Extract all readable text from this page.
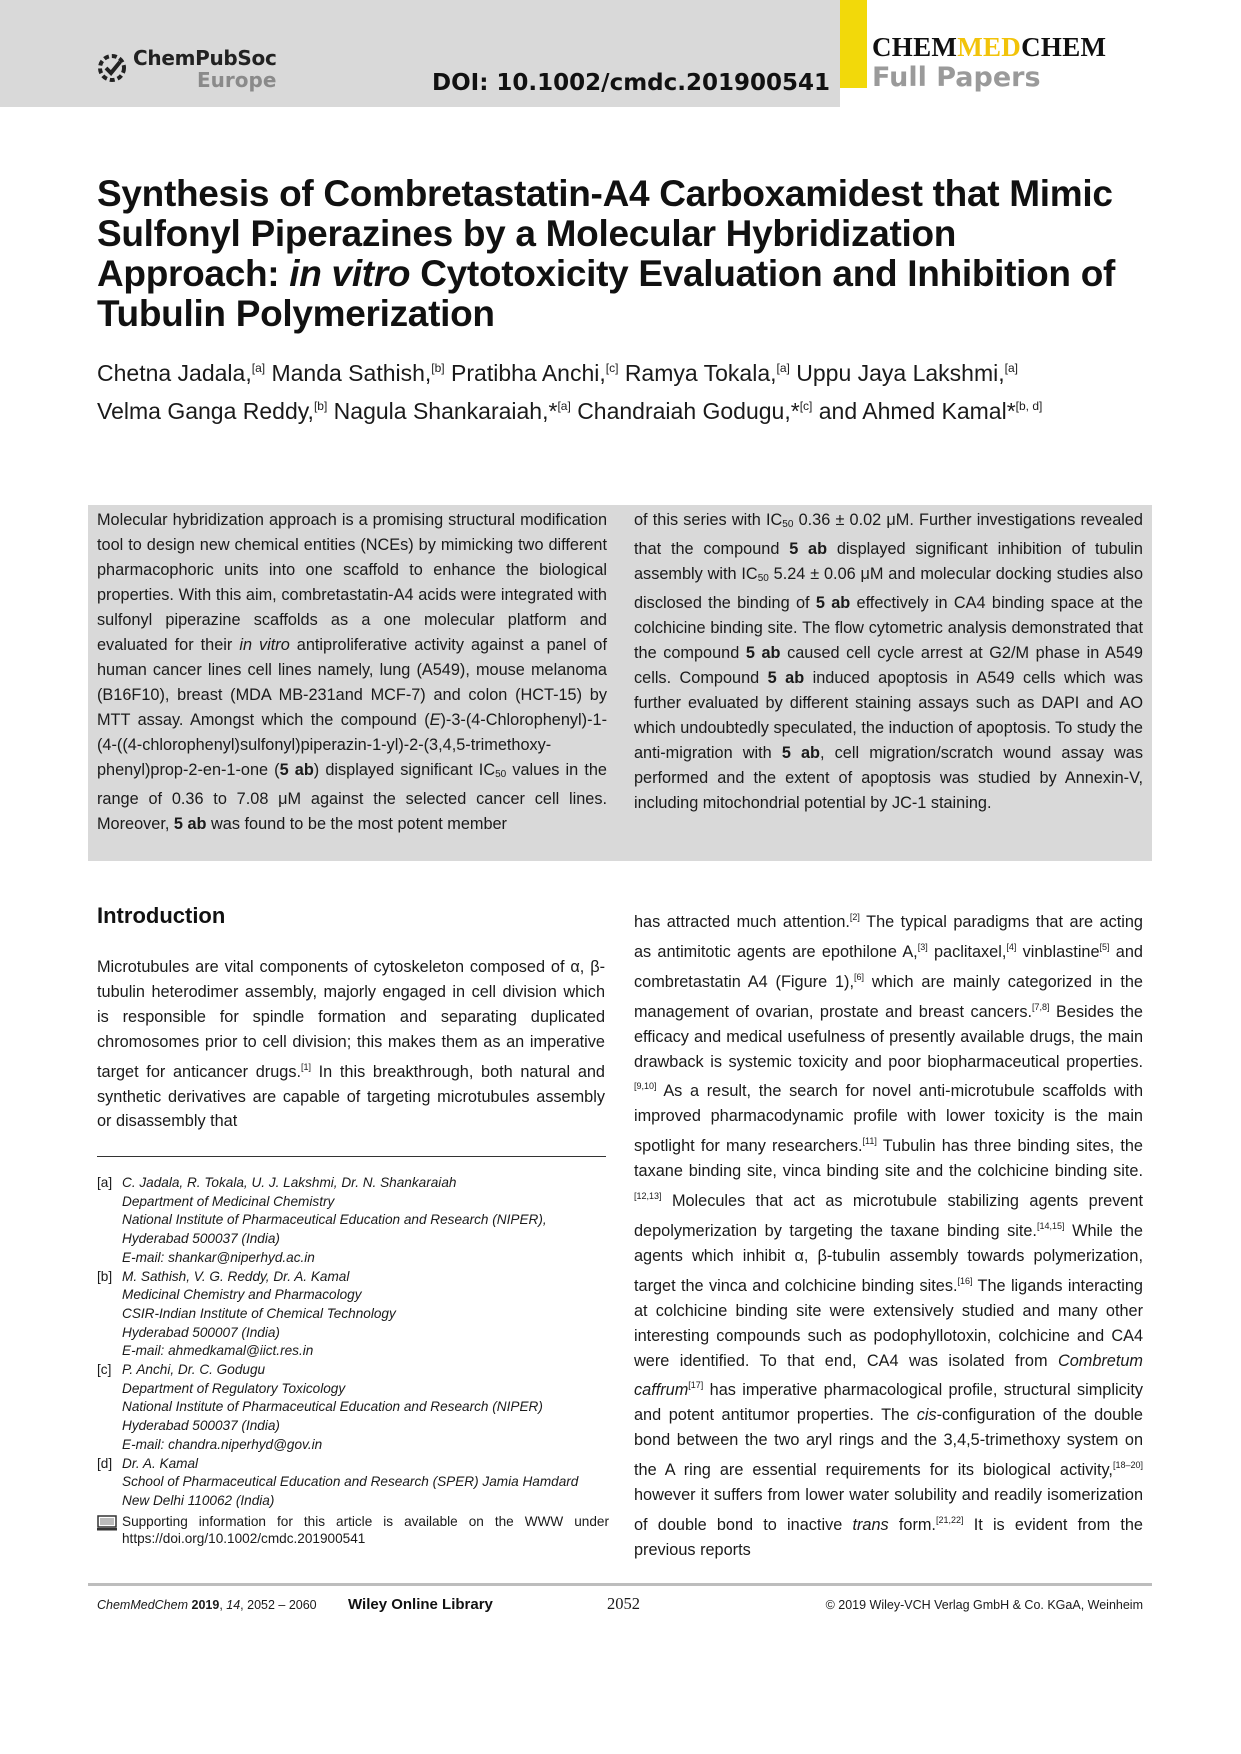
ChemPubSoc
Europe	DOI: 10.1002/cmdc.201900541
CHEMMEDCHEM
Full Papers
Synthesis of Combretastatin-A4 Carboxamidest that Mimic
Sulfonyl Piperazines by a Molecular Hybridization
Approach: in vitro Cytotoxicity Evaluation and Inhibition of
Tubulin Polymerization
Chetna Jadala,[a] Manda Sathish,[b] Pratibha Anchi,[c] Ramya Tokala,[a] Uppu Jaya Lakshmi,[a]
Velma Ganga Reddy,[b] Nagula Shankaraiah,*[a] Chandraiah Godugu,*[c] and Ahmed Kamal*[b, d]
Molecular hybridization approach is a promising structural modification tool to design new chemical entities (NCEs) by mimicking two different pharmacophoric units into one scaffold to enhance the biological properties. With this aim, combretastatin-A4 acids were integrated with sulfonyl piperazine scaffolds as a one molecular platform and evaluated for their in vitro antiproliferative activity against a panel of human cancer lines cell lines namely, lung (A549), mouse melanoma (B16F10), breast (MDA MB-231and MCF-7) and colon (HCT-15) by MTT assay. Amongst which the compound (E)-3-(4-Chlorophenyl)-1-(4-((4-chlorophenyl)sulfonyl)piperazin-1-yl)-2-(3,4,5-trimethoxyphenyl)prop-2-en-1-one (5 ab) displayed significant $IC_{50}$ values in the range of 0.36 to 7.08 μM against the selected cancer cell lines. Moreover, 5 ab was found to be the most potent member
of this series with $IC_{50}$ 0.36 ± 0.02 μM. Further investigations revealed that the compound 5 ab displayed significant inhibition of tubulin assembly with $IC_{50}$ 5.24 ± 0.06 μM and molecular docking studies also disclosed the binding of 5 ab effectively in CA4 binding space at the colchicine binding site. The flow cytometric analysis demonstrated that the compound 5 ab caused cell cycle arrest at G2/M phase in A549 cells. Compound 5 ab induced apoptosis in A549 cells which was further evaluated by different staining assays such as DAPI and AO which undoubtedly speculated, the induction of apoptosis. To study the anti-migration with 5 ab, cell migration/scratch wound assay was performed and the extent of apoptosis was studied by Annexin-V, including mitochondrial potential by JC-1 staining.
Introduction
Microtubules are vital components of cytoskeleton composed of α, β-tubulin heterodimer assembly, majorly engaged in cell division which is responsible for spindle formation and separating duplicated chromosomes prior to cell division; this makes them as an imperative target for anticancer drugs.[1] In this breakthrough, both natural and synthetic derivatives are capable of targeting microtubules assembly or disassembly that
has attracted much attention.[2] The typical paradigms that are acting as antimitotic agents are epothilone A,[3] paclitaxel,[4] vinblastine[5] and combretastatin A4 (Figure 1),[6] which are mainly categorized in the management of ovarian, prostate and breast cancers.[7,8] Besides the efficacy and medical usefulness of presently available drugs, the main drawback is systemic toxicity and poor biopharmaceutical properties.[9,10] As a result, the search for novel anti-microtubule scaffolds with improved pharmacodynamic profile with lower toxicity is the main spotlight for many researchers.[11] Tubulin has three binding sites, the taxane binding site, vinca binding site and the colchicine binding site.[12,13] Molecules that act as microtubule stabilizing agents prevent depolymerization by targeting the taxane binding site.[14,15] While the agents which inhibit α, β-tubulin assembly towards polymerization, target the vinca and colchicine binding sites.[16] The ligands interacting at colchicine binding site were extensively studied and many other interesting compounds such as podophyllotoxin, colchicine and CA4 were identified. To that end, CA4 was isolated from Combretum caffrum[17] has imperative pharmacological profile, structural simplicity and potent antitumor properties. The cis-configuration of the double bond between the two aryl rings and the 3,4,5-trimethoxy system on the A ring are essential requirements for its biological activity,[18–20] however it suffers from lower water solubility and readily isomerization of double bond to inactive trans form.[21,22] It is evident from the previous reports
[a] C. Jadala, R. Tokala, U. J. Lakshmi, Dr. N. Shankaraiah
Department of Medicinal Chemistry
National Institute of Pharmaceutical Education and Research (NIPER),
Hyderabad 500037 (India)
E-mail: shankar@niperhyd.ac.in
[b] M. Sathish, V. G. Reddy, Dr. A. Kamal
Medicinal Chemistry and Pharmacology
CSIR-Indian Institute of Chemical Technology
Hyderabad 500007 (India)
E-mail: ahmedkamal@iict.res.in
[c] P. Anchi, Dr. C. Godugu
Department of Regulatory Toxicology
National Institute of Pharmaceutical Education and Research (NIPER)
Hyderabad 500037 (India)
E-mail: chandra.niperhyd@gov.in
[d] Dr. A. Kamal
School of Pharmaceutical Education and Research (SPER) Jamia Hamdard
New Delhi 110062 (India)
Supporting information for this article is available on the WWW under https://doi.org/10.1002/cmdc.201900541
ChemMedChem 2019, 14, 2052 – 2060 Wiley Online Library	2052	© 2019 Wiley-VCH Verlag GmbH & Co. KGaA, Weinheim
